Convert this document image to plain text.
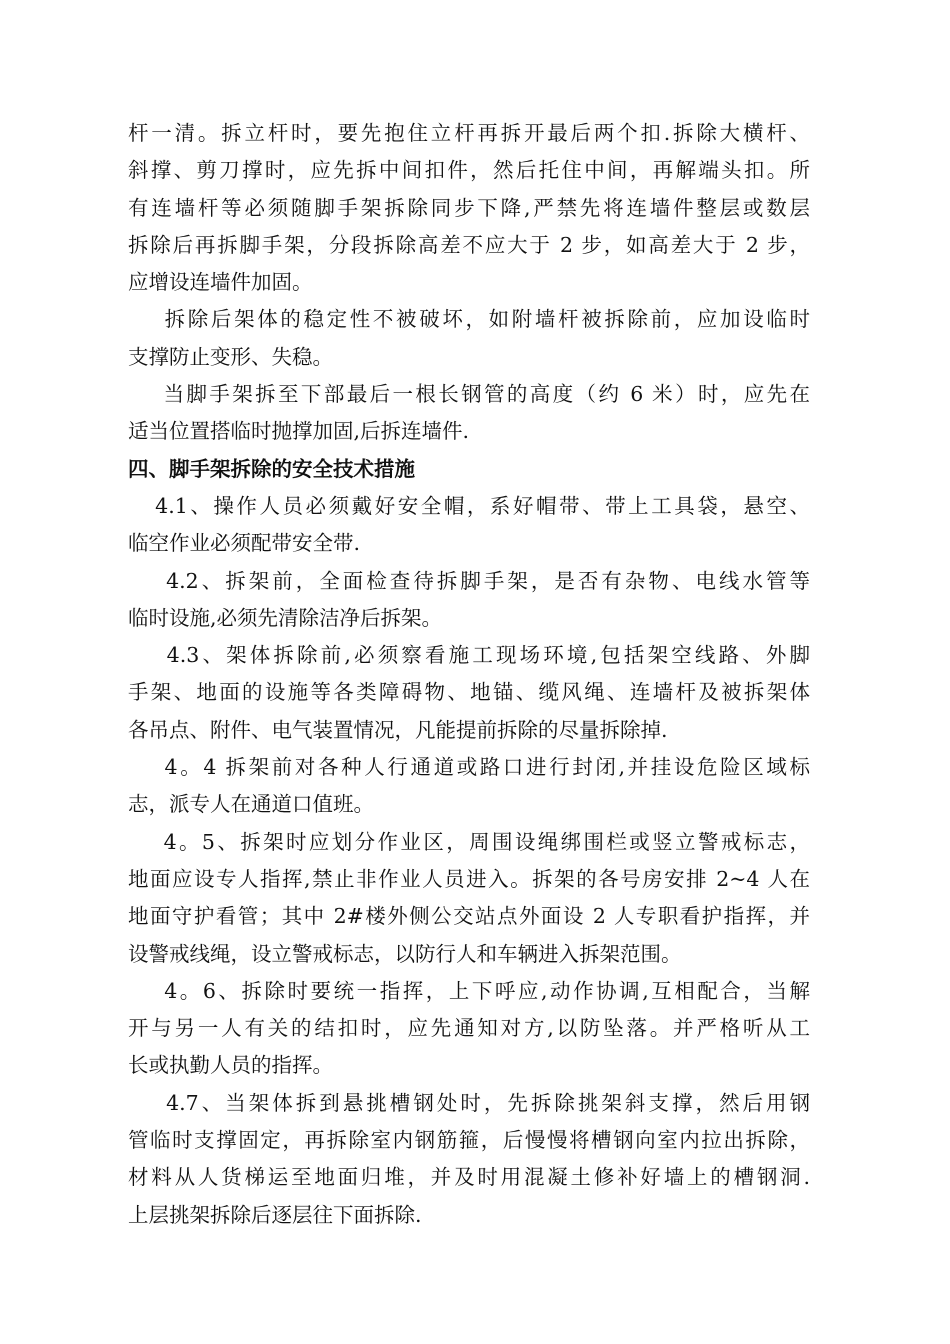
杆一清。拆立杆时，要先抱住立杆再拆开最后两个扣.拆除大横杆、
斜撑、剪刀撑时，应先拆中间扣件，然后托住中间，再解端头扣。所
有连墙杆等必须随脚手架拆除同步下降,严禁先将连墙件整层或数层
拆除后再拆脚手架，分段拆除高差不应大于 2 步，如高差大于 2 步，
应增设连墙件加固。
拆除后架体的稳定性不被破坏，如附墙杆被拆除前，应加设临时
支撑防止变形、失稳。
当脚手架拆至下部最后一根长钢管的高度（约 6 米）时，应先在
适当位置搭临时抛撑加固,后拆连墙件.
四、脚手架拆除的安全技术措施
4.1、操作人员必须戴好安全帽，系好帽带、带上工具袋，悬空、
临空作业必须配带安全带.
4.2、拆架前，全面检查待拆脚手架，是否有杂物、电线水管等
临时设施,必须先清除洁净后拆架。
4.3、架体拆除前,必须察看施工现场环境,包括架空线路、外脚
手架、地面的设施等各类障碍物、地锚、缆风绳、连墙杆及被拆架体
各吊点、附件、电气装置情况，凡能提前拆除的尽量拆除掉.
4。4 拆架前对各种人行通道或路口进行封闭,并挂设危险区域标
志，派专人在通道口值班。
4。5、拆架时应划分作业区，周围设绳绑围栏或竖立警戒标志，
地面应设专人指挥,禁止非作业人员进入。拆架的各号房安排 2~4 人在
地面守护看管；其中 2#楼外侧公交站点外面设 2 人专职看护指挥，并
设警戒线绳，设立警戒标志，以防行人和车辆进入拆架范围。
4。6、拆除时要统一指挥，上下呼应,动作协调,互相配合，当解
开与另一人有关的结扣时，应先通知对方,以防坠落。并严格听从工
长或执勤人员的指挥。
4.7、当架体拆到悬挑槽钢处时，先拆除挑架斜支撑，然后用钢
管临时支撑固定，再拆除室内钢筋箍，后慢慢将槽钢向室内拉出拆除，
材料从人货梯运至地面归堆，并及时用混凝土修补好墙上的槽钢洞.
上层挑架拆除后逐层往下面拆除.
